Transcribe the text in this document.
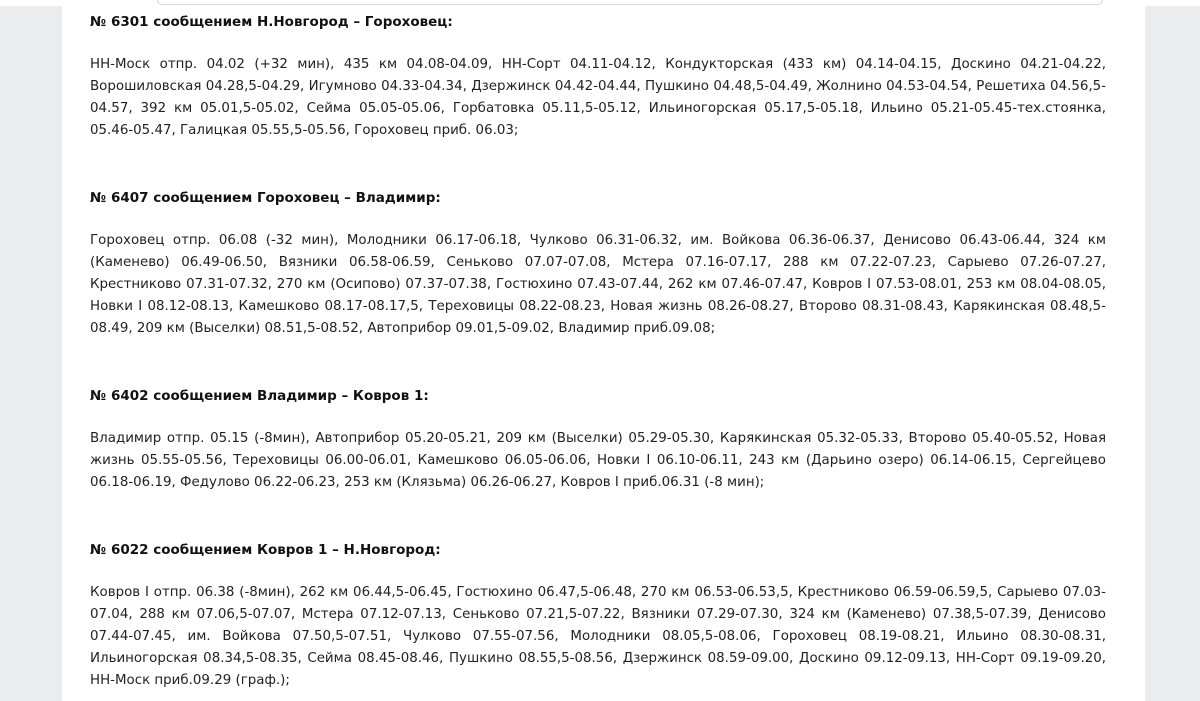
№ 6301 сообщением Н.Новгород – Гороховец:

НН-Моск отпр. 04.02 (+32 мин), 435 км 04.08-04.09, НН-Сорт 04.11-04.12, Кондукторская (433 км) 04.14-04.15, Доскино 04.21-04.22, Ворошиловская 04.28,5-04.29, Игумново 04.33-04.34, Дзержинск 04.42-04.44, Пушкино 04.48,5-04.49, Жолнино 04.53-04.54, Решетиха 04.56,5-04.57, 392 км 05.01,5-05.02, Сейма 05.05-05.06, Горбатовка 05.11,5-05.12, Ильиногорская 05.17,5-05.18, Ильино 05.21-05.45-тех.стоянка, 05.46-05.47, Галицкая 05.55,5-05.56, Гороховец приб. 06.03;

№ 6407 сообщением Гороховец – Владимир:

Гороховец отпр. 06.08 (-32 мин), Молодники 06.17-06.18, Чулково 06.31-06.32, им. Войкова 06.36-06.37, Денисово 06.43-06.44, 324 км (Каменево) 06.49-06.50, Вязники 06.58-06.59, Сеньково 07.07-07.08, Мстера 07.16-07.17, 288 км 07.22-07.23, Сарыево 07.26-07.27, Крестниково 07.31-07.32, 270 км (Осипово) 07.37-07.38, Гостюхино 07.43-07.44, 262 км 07.46-07.47, Ковров I 07.53-08.01, 253 км 08.04-08.05, Новки I 08.12-08.13, Камешково 08.17-08.17,5, Тереховицы 08.22-08.23, Новая жизнь 08.26-08.27, Второво 08.31-08.43, Карякинская 08.48,5-08.49, 209 км (Выселки) 08.51,5-08.52, Автоприбор 09.01,5-09.02, Владимир приб.09.08;

№ 6402 сообщением Владимир – Ковров 1:

Владимир отпр. 05.15 (-8мин), Автоприбор 05.20-05.21, 209 км (Выселки) 05.29-05.30, Карякинская 05.32-05.33, Второво 05.40-05.52, Новая жизнь 05.55-05.56, Тереховицы 06.00-06.01, Камешково 06.05-06.06, Новки I 06.10-06.11, 243 км (Дарьино озеро) 06.14-06.15, Сергейцево 06.18-06.19, Федулово 06.22-06.23, 253 км (Клязьма) 06.26-06.27, Ковров I приб.06.31 (-8 мин);

№ 6022 сообщением Ковров 1 – Н.Новгород:

Ковров I отпр. 06.38 (-8мин), 262 км 06.44,5-06.45, Гостюхино 06.47,5-06.48, 270 км 06.53-06.53,5, Крестниково 06.59-06.59,5, Сарыево 07.03-07.04, 288 км 07.06,5-07.07, Мстера 07.12-07.13, Сеньково 07.21,5-07.22, Вязники 07.29-07.30, 324 км (Каменево) 07.38,5-07.39, Денисово 07.44-07.45, им. Войкова 07.50,5-07.51, Чулково 07.55-07.56, Молодники 08.05,5-08.06, Гороховец 08.19-08.21, Ильино 08.30-08.31, Ильиногорская 08.34,5-08.35, Сейма 08.45-08.46, Пушкино 08.55,5-08.56, Дзержинск 08.59-09.00, Доскино 09.12-09.13, НН-Сорт 09.19-09.20, НН-Моск приб.09.29 (граф.);
